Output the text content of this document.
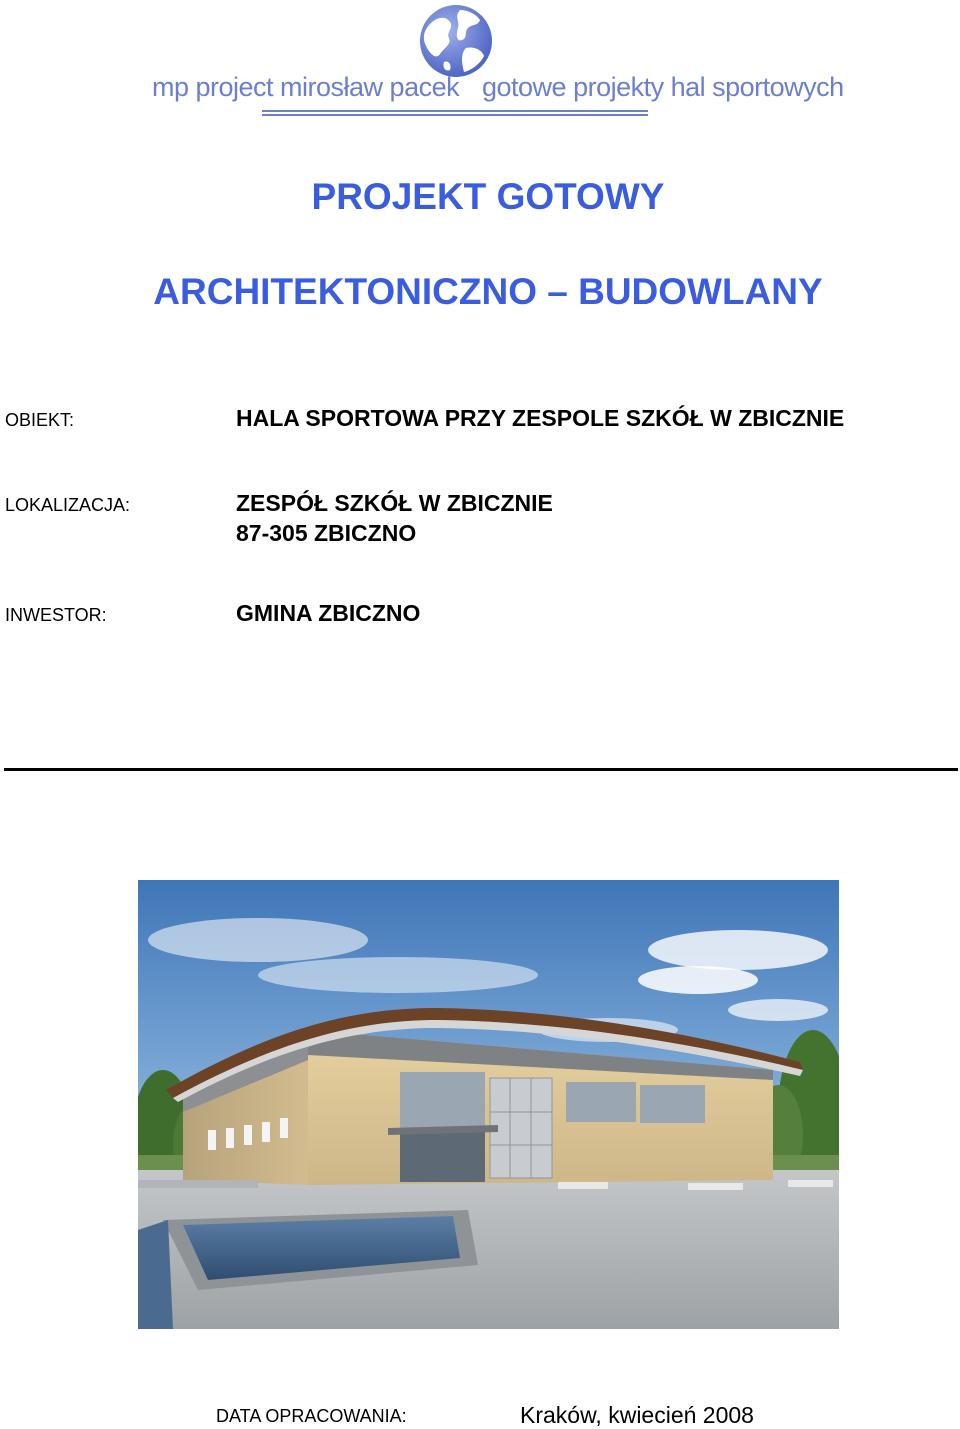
mp project mirosław pacek gotowe projekty hal sportowych
PROJEKT GOTOWY
ARCHITEKTONICZNO – BUDOWLANY
OBIEKT:	HALA SPORTOWA PRZY ZESPOLE SZKÓŁ W ZBICZNIE
LOKALIZACJA:	ZESPÓŁ SZKÓŁ W ZBICZNIE
87-305 ZBICZNO
INWESTOR:	GMINA ZBICZNO
DATA OPRACOWANIA:	Kraków, kwiecień 2008
